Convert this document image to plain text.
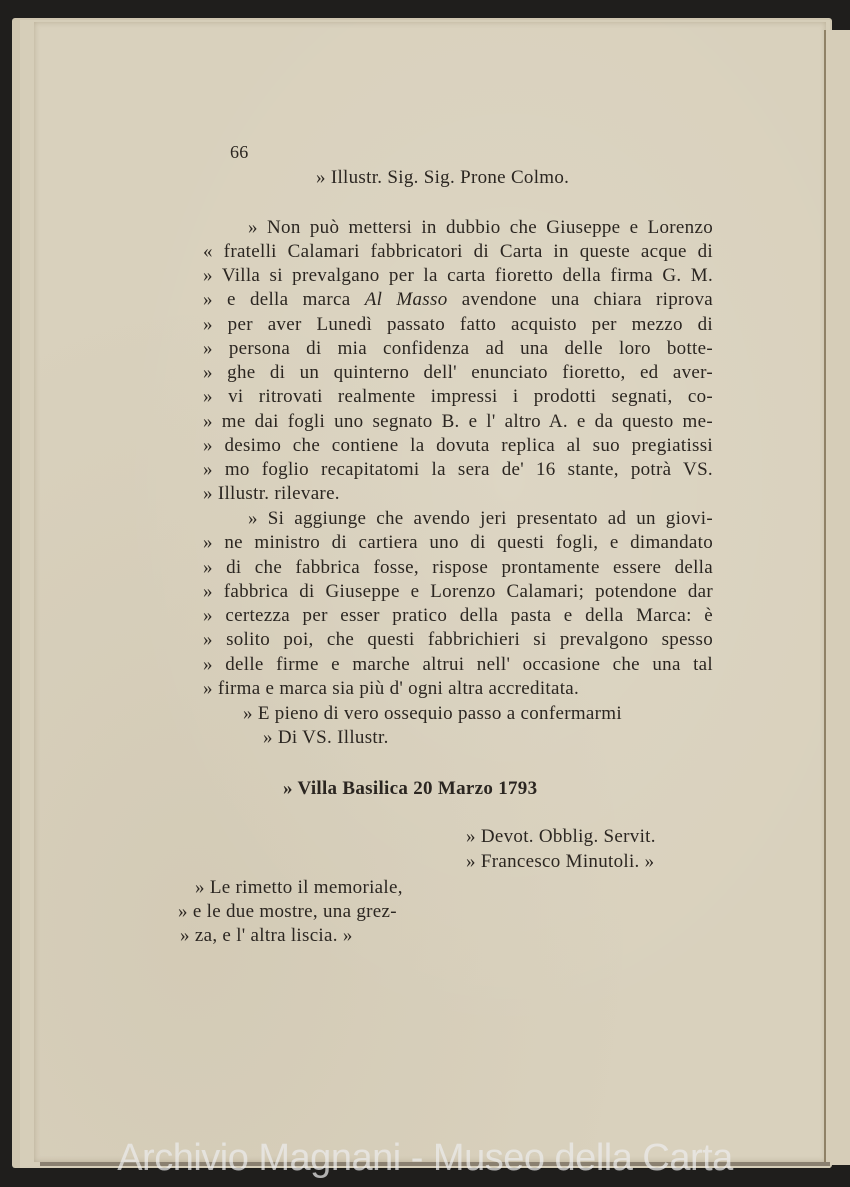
66
» Illustr. Sig. Sig. Prone Colmo.
» Non può mettersi in dubbio che Giuseppe e Lorenzo
« fratelli Calamari fabbricatori di Carta in queste acque di
» Villa si prevalgano per la carta fioretto della firma G. M.
» e della marca Al Masso avendone una chiara riprova
» per aver Lunedì passato fatto acquisto per mezzo di
» persona di mia confidenza ad una delle loro botte-
» ghe di un quinterno dell' enunciato fioretto, ed aver-
» vi ritrovati realmente impressi i prodotti segnati, co-
» me dai fogli uno segnato B. e l' altro A. e da questo me-
» desimo che contiene la dovuta replica al suo pregiatissi
» mo foglio recapitatomi la sera de' 16 stante, potrà VS.
» Illustr. rilevare.
» Si aggiunge che avendo jeri presentato ad un giovi-
» ne ministro di cartiera uno di questi fogli, e dimandato
» di che fabbrica fosse, rispose prontamente essere della
» fabbrica di Giuseppe e Lorenzo Calamari; potendone dar
» certezza per esser pratico della pasta e della Marca: è
» solito poi, che questi fabbrichieri si prevalgono spesso
» delle firme e marche altrui nell' occasione che una tal
» firma e marca sia più d' ogni altra accreditata.
» E pieno di vero ossequio passo a confermarmi
» Di VS. Illustr.
» Villa Basilica 20 Marzo 1793
» Devot. Obblig. Servit.
» Francesco Minutoli. »
» Le rimetto il memoriale,
» e le due mostre, una grez-
» za, e l' altra liscia. »
Archivio Magnani - Museo della Carta
